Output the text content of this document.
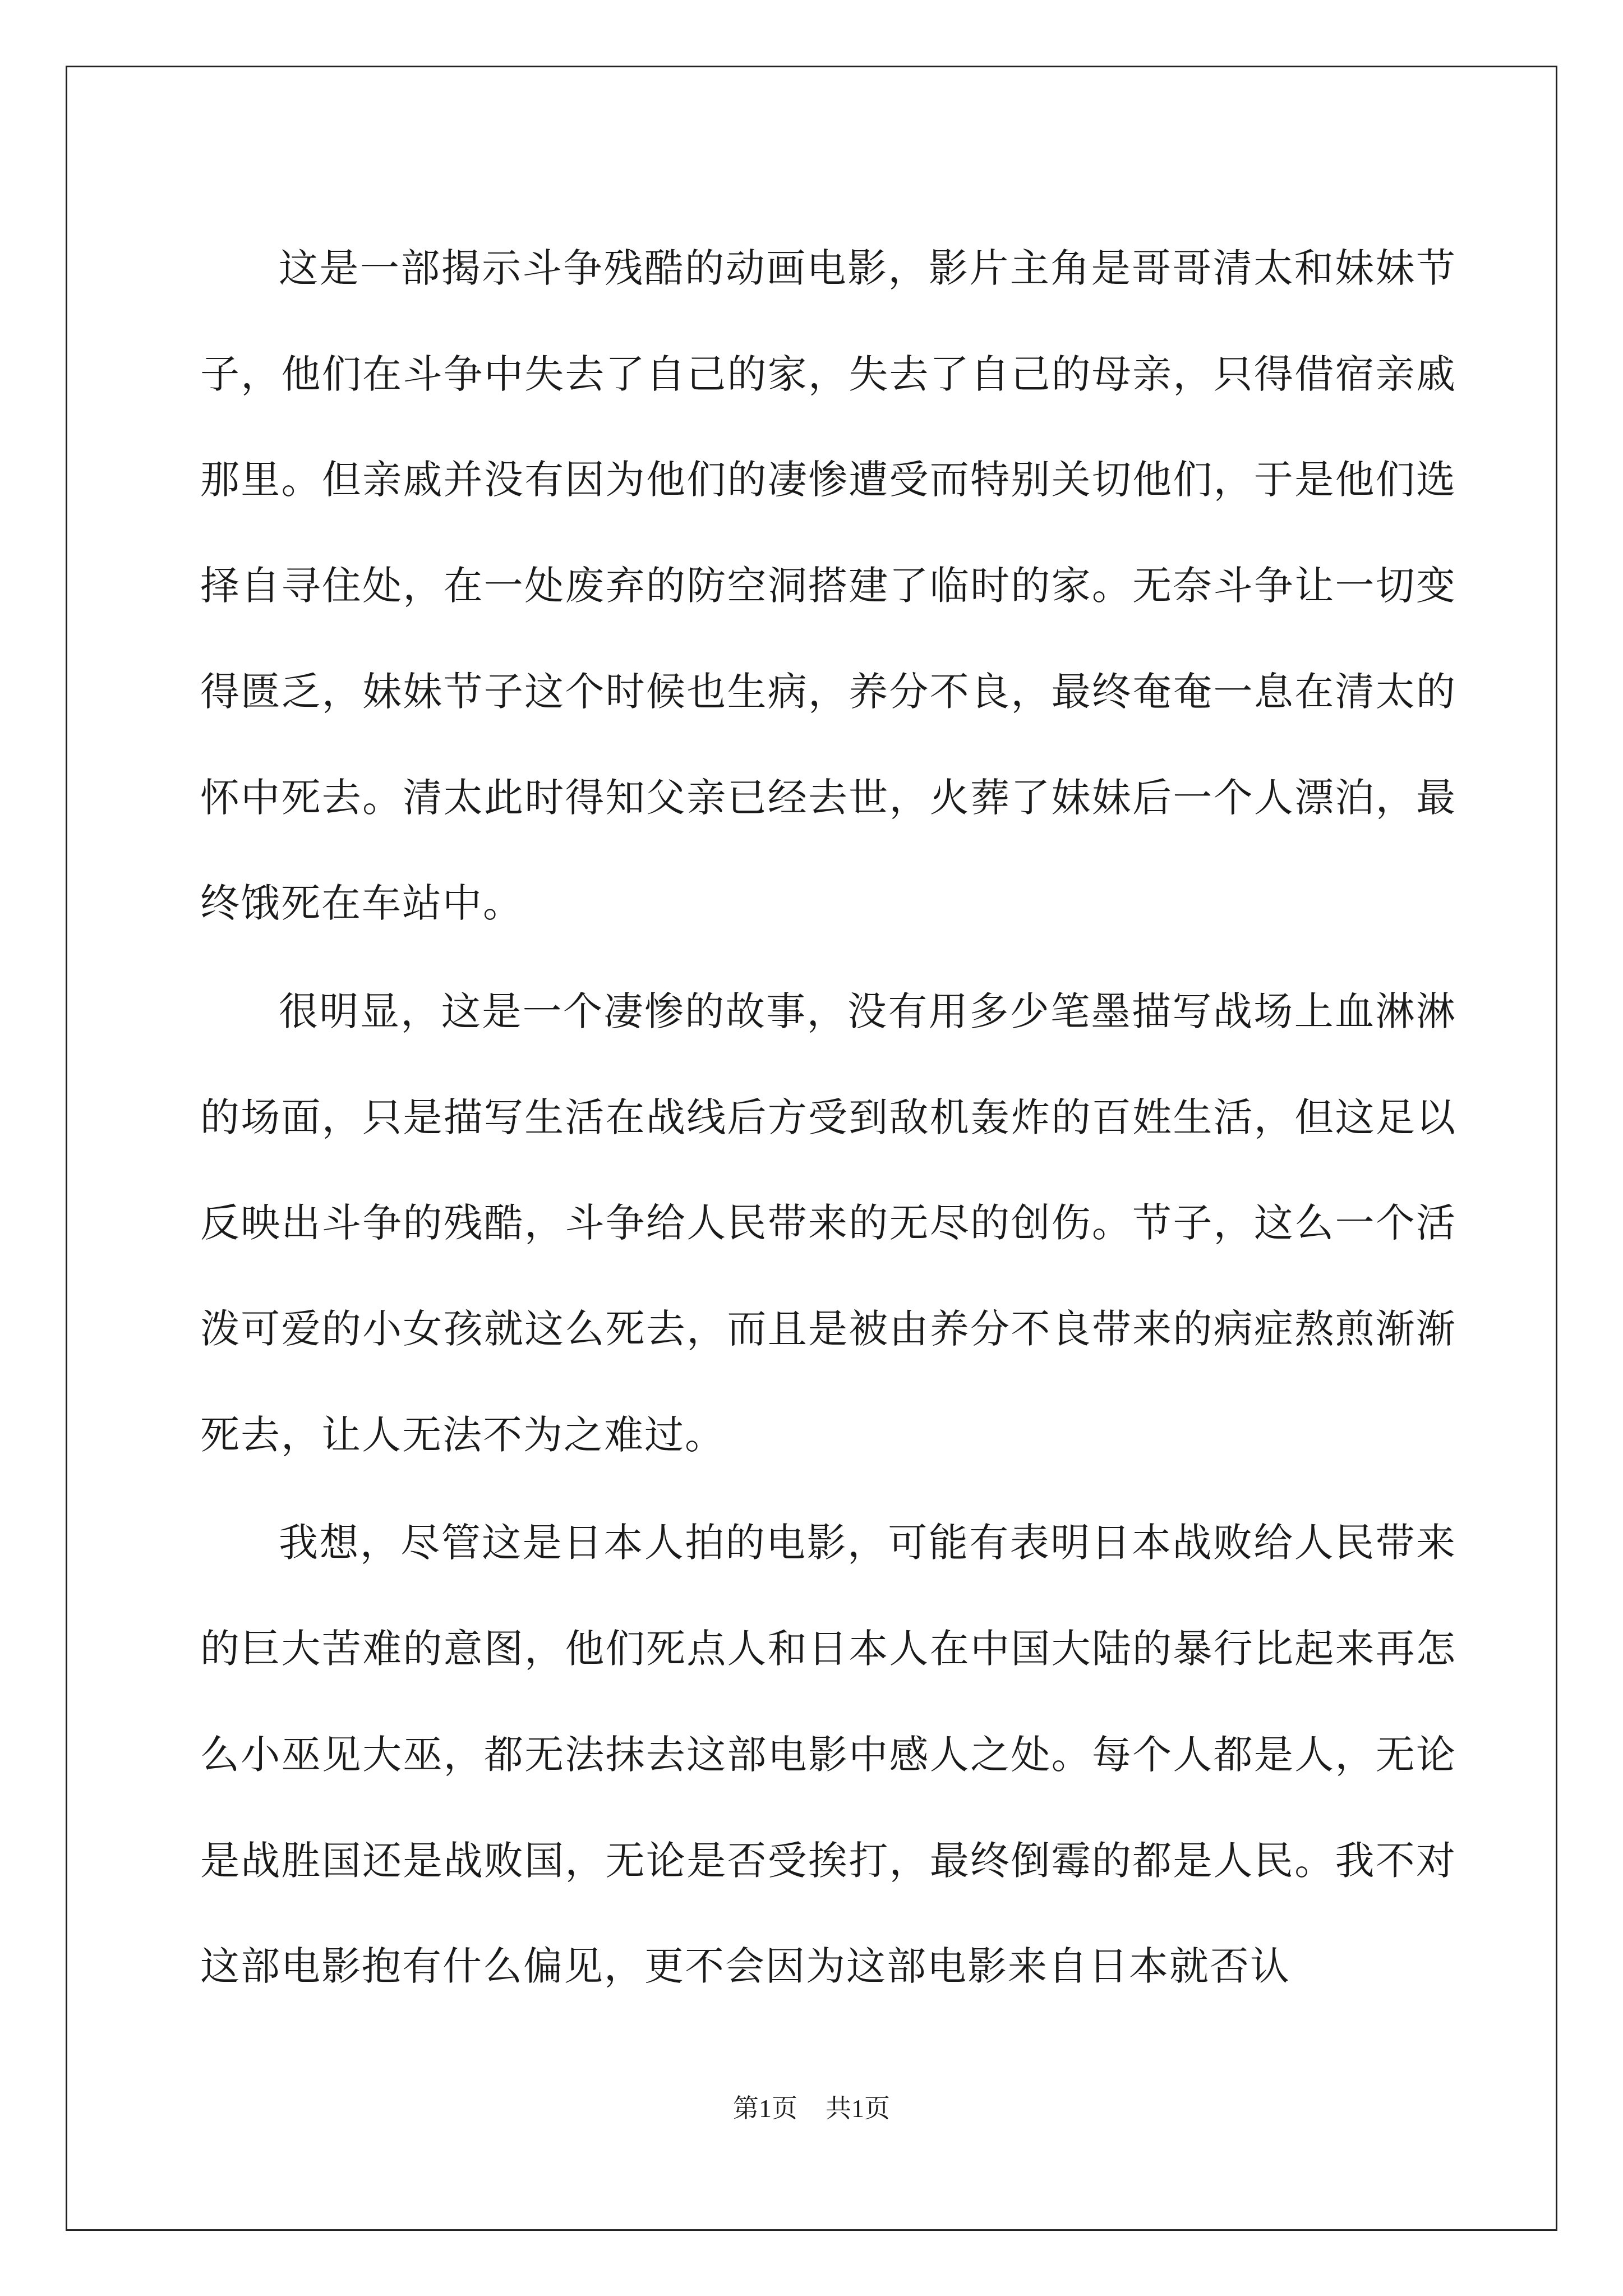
这是一部揭示斗争残酷的动画电影，影片主角是哥哥清太和妹妹节子，他们在斗争中失去了自己的家，失去了自己的母亲，只得借宿亲戚那里。但亲戚并没有因为他们的凄惨遭受而特别关切他们，于是他们选择自寻住处，在一处废弃的防空洞搭建了临时的家。无奈斗争让一切变得匮乏，妹妹节子这个时候也生病，养分不良，最终奄奄一息在清太的怀中死去。清太此时得知父亲已经去世，火葬了妹妹后一个人漂泊，最终饿死在车站中。

很明显，这是一个凄惨的故事，没有用多少笔墨描写战场上血淋淋的场面，只是描写生活在战线后方受到敌机轰炸的百姓生活，但这足以反映出斗争的残酷，斗争给人民带来的无尽的创伤。节子，这么一个活泼可爱的小女孩就这么死去，而且是被由养分不良带来的病症熬煎渐渐死去，让人无法不为之难过。

我想，尽管这是日本人拍的电影，可能有表明日本战败给人民带来的巨大苦难的意图，他们死点人和日本人在中国大陆的暴行比起来再怎么小巫见大巫，都无法抹去这部电影中感人之处。每个人都是人，无论是战胜国还是战败国，无论是否受挨打，最终倒霉的都是人民。我不对这部电影抱有什么偏见，更不会因为这部电影来自日本就否认

第1页 共1页
